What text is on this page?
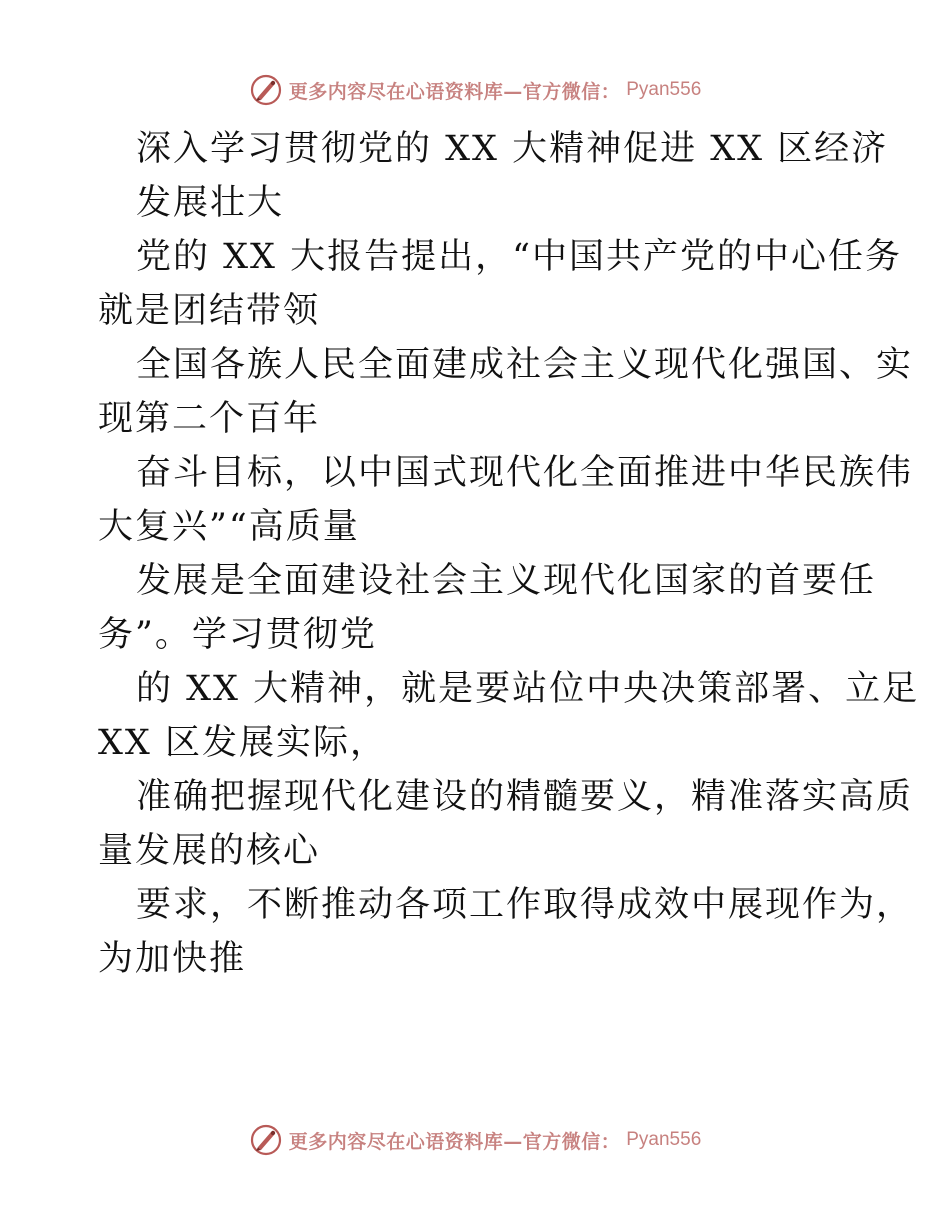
更多内容尽在心语资料库—官方微信： Pyan556
深入学习贯彻党的 XX 大精神促进 XX 区经济
发展壮大
党的 XX 大报告提出，“中国共产党的中心任务
就是团结带领
全国各族人民全面建成社会主义现代化强国、实
现第二个百年
奋斗目标，以中国式现代化全面推进中华民族伟
大复兴”“高质量
发展是全面建设社会主义现代化国家的首要任
务”。学习贯彻党
的 XX 大精神，就是要站位中央决策部署、立足
XX 区发展实际，
准确把握现代化建设的精髓要义，精准落实高质
量发展的核心
要求，不断推动各项工作取得成效中展现作为，
为加快推
更多内容尽在心语资料库—官方微信： Pyan556
